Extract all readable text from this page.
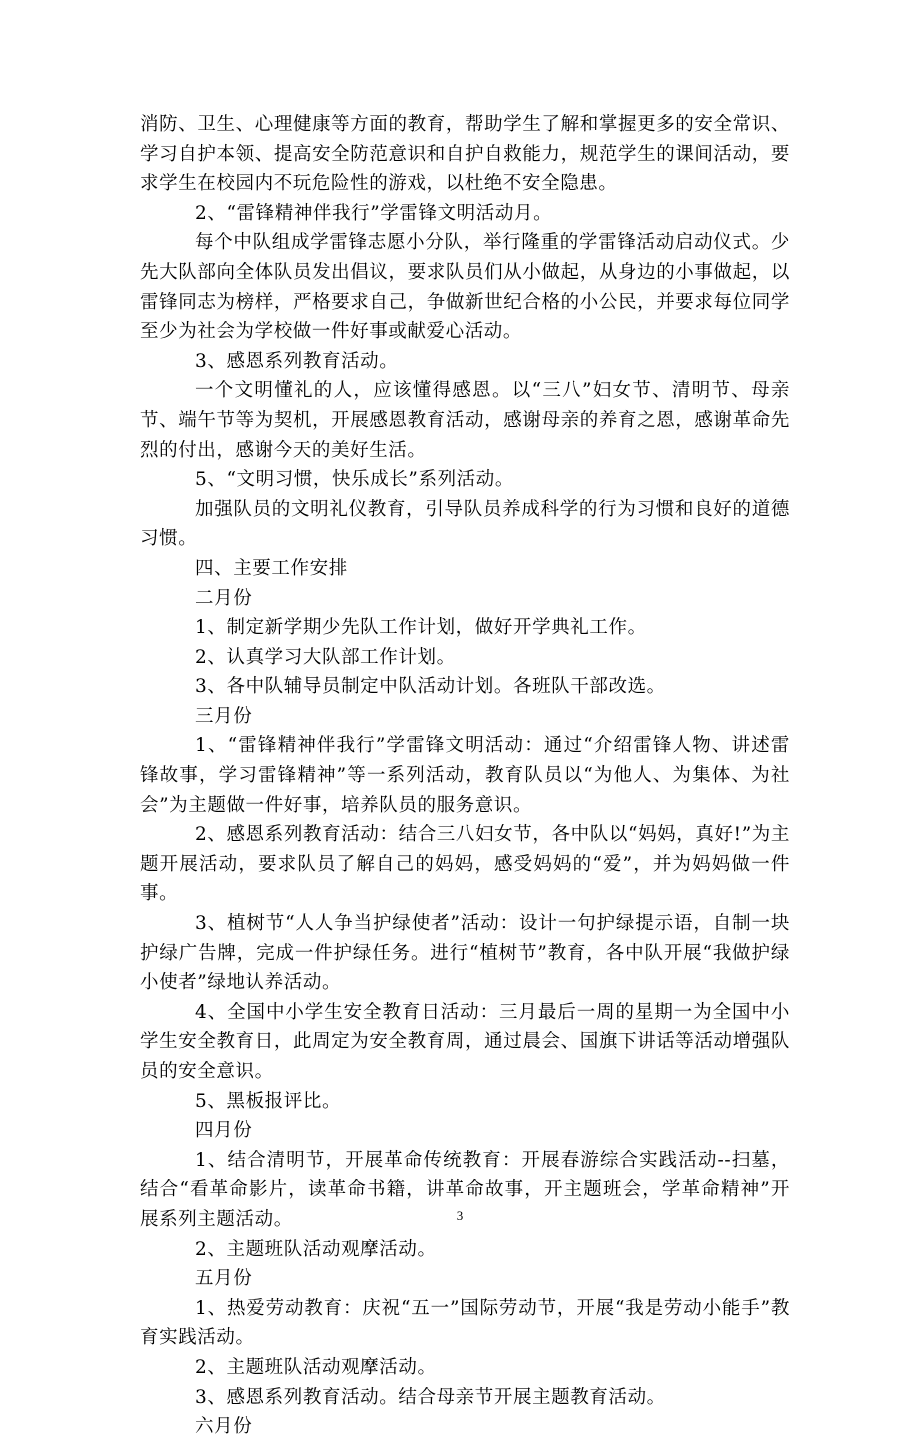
消防、卫生、心理健康等方面的教育，帮助学生了解和掌握更多的安全常识、学习自护本领、提高安全防范意识和自护自救能力，规范学生的课间活动，要求学生在校园内不玩危险性的游戏，以杜绝不安全隐患。

2、“雷锋精神伴我行”学雷锋文明活动月。

每个中队组成学雷锋志愿小分队，举行隆重的学雷锋活动启动仪式。少先大队部向全体队员发出倡议，要求队员们从小做起，从身边的小事做起，以雷锋同志为榜样，严格要求自己，争做新世纪合格的小公民，并要求每位同学至少为社会为学校做一件好事或献爱心活动。

3、感恩系列教育活动。

一个文明懂礼的人，应该懂得感恩。以“三八”妇女节、清明节、母亲节、端午节等为契机，开展感恩教育活动，感谢母亲的养育之恩，感谢革命先烈的付出，感谢今天的美好生活。

5、“文明习惯，快乐成长”系列活动。

加强队员的文明礼仪教育，引导队员养成科学的行为习惯和良好的道德习惯。

四、主要工作安排

二月份

1、制定新学期少先队工作计划，做好开学典礼工作。

2、认真学习大队部工作计划。

3、各中队辅导员制定中队活动计划。各班队干部改选。

三月份

1、“雷锋精神伴我行”学雷锋文明活动：通过“介绍雷锋人物、讲述雷锋故事，学习雷锋精神”等一系列活动，教育队员以“为他人、为集体、为社会”为主题做一件好事，培养队员的服务意识。

2、感恩系列教育活动：结合三八妇女节，各中队以“妈妈，真好!”为主题开展活动，要求队员了解自己的妈妈，感受妈妈的“爱”，并为妈妈做一件事。

3、植树节“人人争当护绿使者”活动：设计一句护绿提示语，自制一块护绿广告牌，完成一件护绿任务。进行“植树节”教育，各中队开展“我做护绿小使者”绿地认养活动。

4、全国中小学生安全教育日活动：三月最后一周的星期一为全国中小学生安全教育日，此周定为安全教育周，通过晨会、国旗下讲话等活动增强队员的安全意识。

5、黑板报评比。

四月份

1、结合清明节，开展革命传统教育：开展春游综合实践活动--扫墓，结合“看革命影片，读革命书籍，讲革命故事，开主题班会，学革命精神”开展系列主题活动。

2、主题班队活动观摩活动。

五月份

1、热爱劳动教育：庆祝“五一”国际劳动节，开展“我是劳动小能手”教育实践活动。

2、主题班队活动观摩活动。

3、感恩系列教育活动。结合母亲节开展主题教育活动。

六月份

3
